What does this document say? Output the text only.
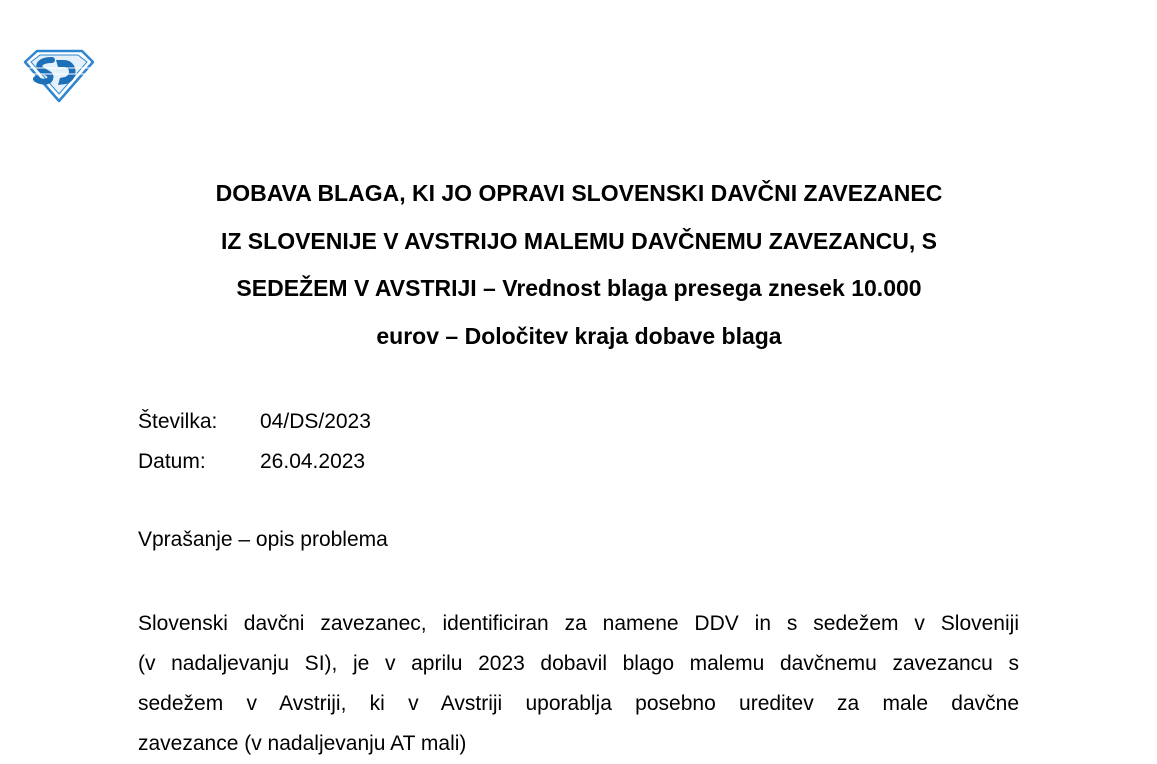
SD
DOBAVA BLAGA, KI JO OPRAVI SLOVENSKI DAVČNI ZAVEZANEC
IZ SLOVENIJE V AVSTRIJO MALEMU DAVČNEMU ZAVEZANCU, S
SEDEŽEM V AVSTRIJI – Vrednost blaga presega znesek 10.000
eurov – Določitev kraja dobave blaga
Številka:	04/DS/2023
Datum:	26.04.2023
Vprašanje – opis problema
Slovenski davčni zavezanec, identificiran za namene DDV in s sedežem v Sloveniji
(v nadaljevanju SI), je v aprilu 2023 dobavil blago malemu davčnemu zavezancu s
sedežem v Avstriji, ki v Avstriji uporablja posebno ureditev za male davčne
zavezance (v nadaljevanju AT mali)
